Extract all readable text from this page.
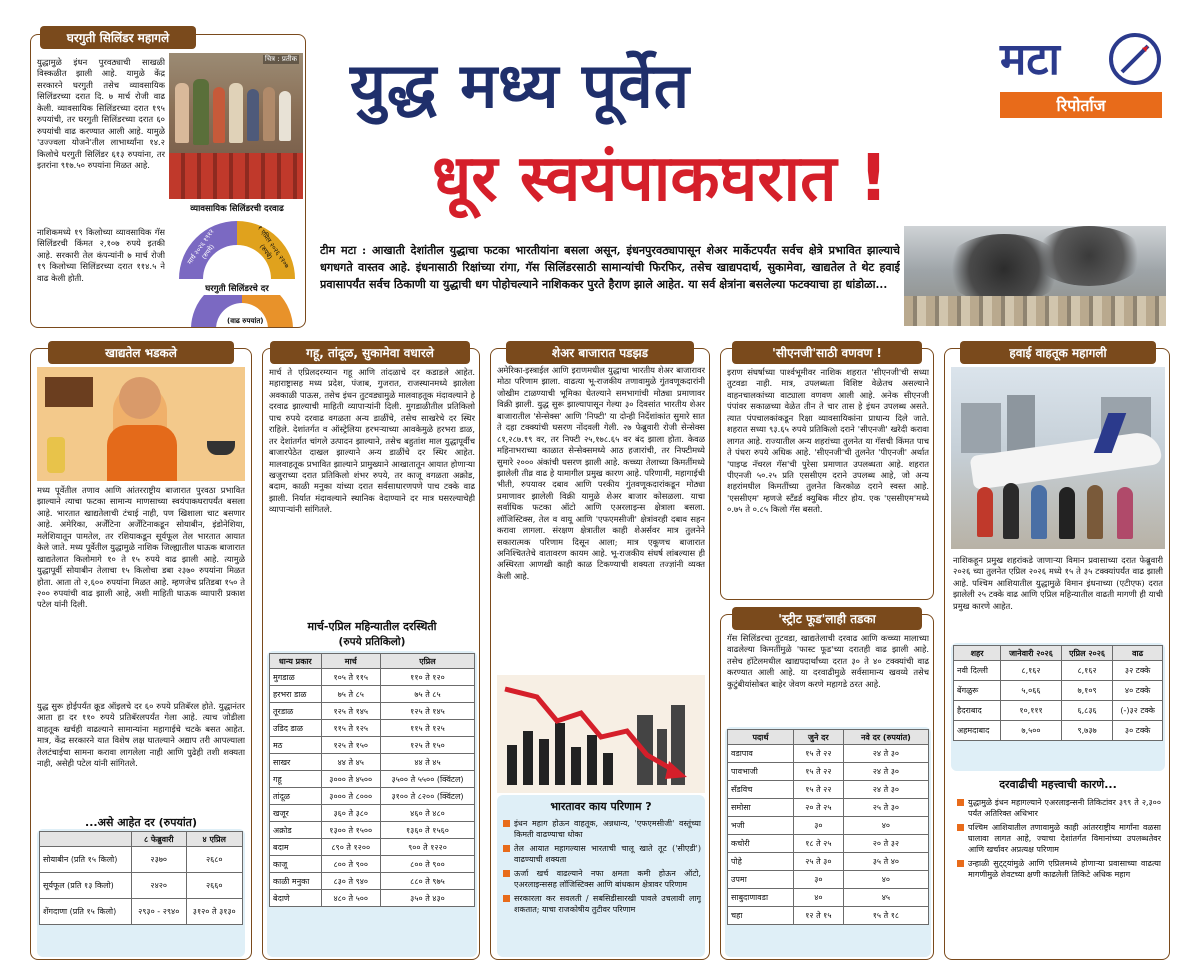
युद्धामुळे इंधन पुरवठ्याची साखळी विस्कळीत झाली आहे. यामुळे केंद्र सरकारने घरगुती तसेच व्यावसायिक सिलिंडरच्या दरात दि. ७ मार्च रोजी वाढ केली. व्यावसायिक सिलिंडरच्या दरात १९५ रुपयांची, तर घरगुती सिलिंडरच्या दरात ६० रुपयांची वाढ करण्यात आली आहे. यामुळे 'उज्ज्वला योजने'तील लाभार्थ्यांना १४.२ किलोचे घरगुती सिलिंडर ६१३ रुपयांना, तर इतरांना ९१७.५० रुपयांना मिळत आहे.
नाशिकमध्ये १९ किलोच्या व्यावसायिक गॅस सिलिंडरची किंमत २,१०७ रुपये इतकी आहे. सरकारी तेल कंपन्यांनी ७ मार्च रोजी १९ किलोच्या सिलिंडरच्या दरात ११४.५ ने वाढ केली होती.
चित्र : प्रतीक
व्यावसायिक सिलिंडरची दरवाढ
मार्च २०२६ १९१२ (रुपये)	१ एप्रिल २०२६ २१०७ (रुपये)
घरगुती सिलिंडरचे दर
(वाढ रुपयांत)
घरगुती सिलिंडर महागले
युद्ध मध्य पूर्वेत
धूर स्वयंपाकघरात !
मटा
रिपोर्ताज
टीम मटा : आखाती देशांतील युद्धाचा फटका भारतीयांना बसला असून, इंधनपुरवठ्यापासून शेअर मार्केटपर्यंत सर्वच क्षेत्रे प्रभावित झाल्याचे धगधगते वास्तव आहे. इंधनासाठी रिक्षांच्या रांगा, गॅस सिलिंडरसाठी सामान्यांची फिरफिर, तसेच खाद्यपदार्थ, सुकामेवा, खाद्यतेल ते थेट हवाई प्रवासापर्यंत सर्वच ठिकाणी या युद्धाची धग पोहोचल्याने नाशिककर पुरते हैराण झाले आहेत. या सर्व क्षेत्रांना बसलेल्या फटक्याचा हा धांडोळा...
मध्य पूर्वेतील तणाव आणि आंतरराष्ट्रीय बाजारात पुरवठा प्रभावित झाल्याने त्याचा फटका सामान्य माणसाच्या स्वयंपाकघरापर्यंत बसला आहे. भारतात खाद्यतेलाची टंचाई नाही, पण खिशाला चाट बसणार आहे. अमेरिका, अर्जेंटिना अर्जेंटिनाकडून सोयाबीन, इंडोनेशिया, मलेशियातून पामतेल, तर रशियाकडून सूर्यफूल तेल भारतात आयात केले जाते. मध्य पूर्वेतील युद्धामुळे नाशिक जिल्ह्यातील घाऊक बाजारात खाद्यतेलात किलोमागे १० ते १५ रुपये वाढ झाली आहे. त्यामुळे युद्धापूर्वी सोयाबीन तेलाचा १५ किलोचा डबा २३७० रुपयांना मिळत होता. आता तो २,६०० रुपयांना मिळत आहे. म्हणजेच प्रतिडबा १५० ते २०० रुपयांची वाढ झाली आहे, अशी माहिती घाऊक व्यापारी प्रकाश पटेल यांनी दिली.
युद्ध सुरू होईपर्यंत क्रूड ऑइलचे दर ६० रुपये प्रतिबॅरल होते. युद्धानंतर आता हा दर ११० रुपये प्रतिबॅरलपर्यंत गेला आहे. त्याच जोडीला वाहतूक खर्चही वाढल्याने सामान्यांना महागाईचे चटके बसत आहेत. मात्र, केंद्र सरकारने यात विशेष लक्ष घातल्याने अद्याप तरी आपल्याला तेलटंचाईचा सामना करावा लागलेला नाही आणि पुढेही तशी शक्यता नाही, असेही पटेल यांनी सांगितले.
...असे आहेत दर (रुपयांत)
	८ फेब्रुवारी	४ एप्रिल
सोयाबीन (प्रति १५ किलो)	२३७०	२६८०
सूर्यफूल (प्रति १३ किलो)	२४२०	२६६०
शेंगदाणा (प्रति १५ किलो)	२९३० - २९४०	३१२० ते ३१३०
खाद्यतेल भडकले
मार्च ते एप्रिलदरम्यान गहू आणि तांदळाचे दर कडाडले आहेत. महाराष्ट्रासह मध्य प्रदेश, पंजाब, गुजरात, राजस्थानमध्ये झालेला अवकाळी पाऊस, तसेच इंधन तुटवड्यामुळे मालवाहतूक मंदावल्याने हे दरवाढ झाल्याची माहिती व्यापाऱ्यांनी दिली. मुगडाळीतील प्रतिकिलो पाच रुपये दरवाढ वगळता अन्य डाळींचे, तसेच साखरेचे दर स्थिर राहिले. देशांतर्गत व ऑस्ट्रेलिया हरभऱ्याच्या आवकेमुळे हरभरा डाळ, तर देशांतर्गत चांगले उत्पादन झाल्याने, तसेच बहुतांश माल युद्धापूर्वीच बाजारपेठेत दाखल झाल्याने अन्य डाळींचे दर स्थिर आहेत. मालवाहतूक प्रभावित झाल्याने प्रामुख्याने आखातातून आयात होणाऱ्या खजुराच्या दरात प्रतिकिलो शंभर रुपये, तर काजू वगळता अक्रोड, बदाम, काळी मनुका यांच्या दरात सर्वसाधारणपणे पाच टक्के वाढ झाली. निर्यात मंदावल्याने स्थानिक वेदाण्याने दर मात्र घसरल्याचेही व्यापाऱ्यांनी सांगितले.
मार्च-एप्रिल महिन्यातील दरस्थिती
(रुपये प्रतिकिलो)
धान्य प्रकार	मार्च	एप्रिल
मुगडाळ	१०५ ते ११५	११० ते १२०
हरभरा डाळ	७५ ते ८५	७५ ते ८५
तूरडाळ	१२५ ते १४५	१२५ ते १४५
उडिद डाळ	११५ ते १२५	११५ ते १२५
मठ	१२५ ते १५०	१२५ ते १५०
साखर	४४ ते ४५	४४ ते ४५
गहू	३००० ते ४५००	३५०० ते ५५०० (क्विंटल)
तांदूळ	३००० ते ८०००	३१०० ते ८२०० (क्विंटल)
खजूर	३६० ते ३८०	४६० ते ४८०
अक्रोड	१३०० ते १५००	१३६० ते १५६०
बदाम	८९० ते १२००	९०० ते १२२०
काजू	८०० ते ९००	८०० ते ९००
काळी मनुका	८३० ते ९४०	८८० ते ९७५
बेदाणे	४८० ते ५००	३५० ते ४३०
गहू, तांदूळ, सुकामेवा वधारले
अमेरिका-इस्त्राईल आणि इराणमधील युद्धाचा भारतीय शेअर बाजारावर मोठा परिणाम झाला. वाढत्या भू-राजकीय तणावामुळे गुंतवणूकदारांनी जोखीम टाळण्याची भूमिका घेतल्याने समभागांची मोठ्या प्रमाणावर विक्री झाली. युद्ध सुरू झाल्यापासून गेल्या ३० दिवसांत भारतीय शेअर बाजारातील 'सेन्सेक्स' आणि 'निफ्टी' या दोन्ही निर्देशांकांत सुमारे सात ते दहा टक्क्यांची घसरण नोंदवली गेली. २७ फेब्रुवारी रोजी सेन्सेक्स ८१,२८७.१९ वर, तर निफ्टी २५,१७८.६५ वर बंद झाला होता. केवळ महिनाभराच्या काळात सेन्सेक्समध्ये आठ हजारांची, तर निफ्टीमध्ये सुमारे २००० अंकांची घसरण झाली आहे. कच्च्या तेलाच्या किमतींमध्ये झालेली तीव्र वाढ हे यामागील प्रमुख कारण आहे. परिणामी, महागाईची भीती, रुपयावर दबाव आणि परकीय गुंतवणूकदारांकडून मोठ्या प्रमाणावर झालेली विक्री यामुळे शेअर बाजार कोसळला. याचा सर्वाधिक फटका ऑटो आणि एअरलाइन्स क्षेत्राला बसला. लॉजिस्टिक्स, तेल व वायू आणि 'एफएमसीजी' क्षेत्रांवरही दबाव सहन करावा लागला. संरक्षण क्षेत्रातील काही शेअर्सवर मात्र तुलनेने सकारात्मक परिणाम दिसून आला; मात्र एकूणच बाजारात अनिश्चिततेचे वातावरण कायम आहे. भू-राजकीय संघर्ष लांबल्यास ही अस्थिरता आणखी काही काळ टिकण्याची शक्यता तज्ज्ञांनी व्यक्त केली आहे.
भारतावर काय परिणाम ?
इंधन महाग होऊन वाहतूक, अन्नधान्य, 'एफएमसीजी' वस्तूंच्या किमती वाढण्याचा धोका
तेल आयात महागल्यास भारताची चालू खाते तूट ('सीएडी') वाढण्याची शक्यता
ऊर्जा खर्च वाढल्याने नफा क्षमता कमी होऊन ऑटो, एअरलाइन्ससह लॉजिस्टिक्स आणि बांधकाम क्षेत्रावर परिणाम
सरकारला कर सवलती / सबसिडीसारखी पावले उचलावी लागू शकतात; याचा राजकोषीय तुटीवर परिणाम
शेअर बाजारात पडझड
इराण संघर्षाच्या पार्श्वभूमीवर नाशिक शहरात 'सीएनजी'ची सध्या तुटवडा नाही. मात्र, उपलब्धता विशिष्ट वेळेतच असल्याने वाहनचालकांच्या वाट्याला वणवण आली आहे. अनेक सीएनजी पंपांवर सकाळच्या वेळेत तीन ते चार तास हे इंधन उपलब्ध असते. त्यात पंपचालकांकडून रिक्षा व्यावसायिकांना प्राधान्य दिले जाते. शहरात सध्या ९३.६५ रुपये प्रतिकिलो दराने 'सीएनजी' खरेदी करावा लागत आहे. राज्यातील अन्य शहरांच्या तुलनेत या गॅसची किंमत पाच ते पंधरा रुपये अधिक आहे. 'सीएनजी'ची तुलनेत 'पीएनजी' अर्थात 'पाइप्ड नॅचरल गॅस'ची पुरेसा प्रमाणात उपलब्धता आहे. शहरात पीएनजी ५०.२५ प्रति एससीएम दराने उपलब्ध आहे, जो अन्य शहरांमधील किमतींच्या तुलनेत किरकोळ दराने स्वस्त आहे. 'एससीएम' म्हणजे स्टँडर्ड क्युबिक मीटर होय. एक 'एससीएम'मध्ये ०.७५ ते ०.८५ किलो गॅस बसतो.
'सीएनजी'साठी वणवण !
गॅस सिलिंडरचा तुटवडा, खाद्यतेलाची दरवाढ आणि कच्च्या मालाच्या वाढलेल्या किमतींमुळे 'फास्ट फूड'च्या दरातही वाढ झाली आहे. तसेच हॉटेलमधील खाद्यपदार्थांच्या दरात ३० ते ४० टक्क्यांची वाढ करण्यात आली आहे. या दरवाढीमुळे सर्वसामान्य खवय्ये तसेच कुटुंबीयांसोबत बाहेर जेवण करणे महागडे ठरत आहे.
पदार्थ	जुने दर	नवे दर (रुपयांत)
वडापाव	१५ ते २२	२४ ते ३०
पावभाजी	१५ ते २२	२४ ते ३०
सँडविच	१५ ते २२	२४ ते ३०
समोसा	२० ते २५	२५ ते ३०
भजी	३०	४०
कचोरी	१८ ते २५	२० ते ३२
पोहे	२५ ते ३०	३५ ते ४०
उपमा	३०	४०
साबुदाणावडा	४०	४५
चहा	१२ ते १५	१५ ते १८
'स्ट्रीट फूड'लाही तडका
नाशिकहून प्रमुख शहरांकडे जाणाऱ्या विमान प्रवासाच्या दरात फेब्रुवारी २०२६ च्या तुलनेत एप्रिल २०२६ मध्ये १५ ते ३५ टक्क्यांपर्यंत वाढ झाली आहे. पश्चिम आशियातील युद्धामुळे विमान इंधनाच्या (एटीएफ) दरात झालेली २५ टक्के वाढ आणि एप्रिल महिन्यातील वाढती मागणी ही याची प्रमुख कारणे आहेत.
शहर	जानेवारी २०२६	एप्रिल २०२६	वाढ
नवी दिल्ली	८,१६२	८,१६२	३२ टक्के
बेंगळुरू	५,०६६	७,१०९	४० टक्के
हैदराबाद	१०,१११	६,८३६	(-)३२ टक्के
अहमदाबाद	७,५००	९,७३७	३० टक्के
दरवाढीची महत्त्वाची कारणे...
युद्धामुळे इंधन महागल्याने एअरलाइन्सनी तिकिटांवर ३९९ ते २,३०० पर्यंत अतिरिक्त अधिभार
पश्चिम आशियातील तणावामुळे काही आंतरराष्ट्रीय मार्गांना वळसा घालावा लागत आहे, ज्याचा देशांतर्गत विमानांच्या उपलब्धतेवर आणि खर्चावर अप्रत्यक्ष परिणाम
उन्हाळी सुट्ट्यांमुळे आणि एप्रिलमध्ये होणाऱ्या प्रवासाच्या वाढत्या मागणीमुळे शेवटच्या क्षणी काढलेली तिकिटे अधिक महाग
हवाई वाहतूक महागली
